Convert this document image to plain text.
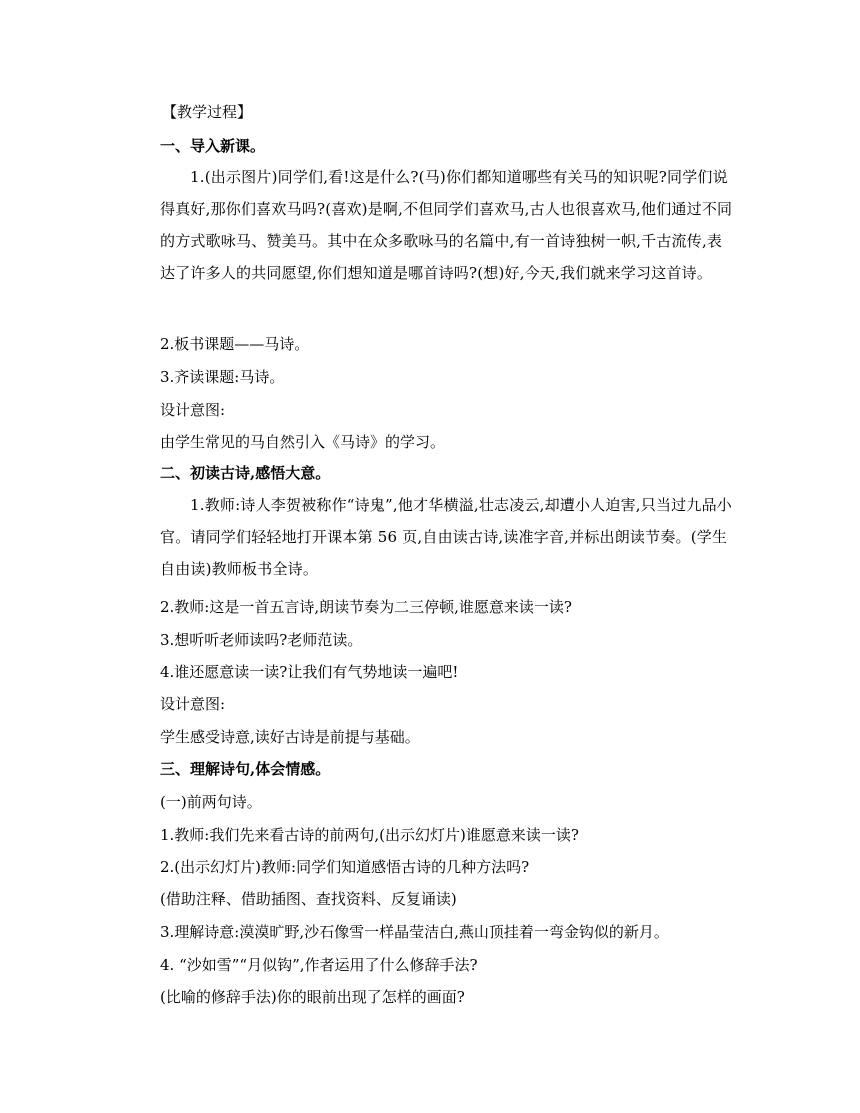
【教学过程】
一、导入新课。
1.(出示图片)同学们,看!这是什么?(马)你们都知道哪些有关马的知识呢?同学们说得真好,那你们喜欢马吗?(喜欢)是啊,不但同学们喜欢马,古人也很喜欢马,他们通过不同的方式歌咏马、赞美马。其中在众多歌咏马的名篇中,有一首诗独树一帜,千古流传,表达了许多人的共同愿望,你们想知道是哪首诗吗?(想)好,今天,我们就来学习这首诗。
2.板书课题——马诗。
3.齐读课题:马诗。
设计意图:
由学生常见的马自然引入《马诗》的学习。
二、初读古诗,感悟大意。
1.教师:诗人李贺被称作“诗鬼”,他才华横溢,壮志凌云,却遭小人迫害,只当过九品小官。请同学们轻轻地打开课本第 56 页,自由读古诗,读准字音,并标出朗读节奏。(学生自由读)教师板书全诗。
2.教师:这是一首五言诗,朗读节奏为二三停顿,谁愿意来读一读?
3.想听听老师读吗?老师范读。
4.谁还愿意读一读?让我们有气势地读一遍吧!
设计意图:
学生感受诗意,读好古诗是前提与基础。
三、理解诗句,体会情感。
(一)前两句诗。
1.教师:我们先来看古诗的前两句,(出示幻灯片)谁愿意来读一读?
2.(出示幻灯片)教师:同学们知道感悟古诗的几种方法吗?
(借助注释、借助插图、查找资料、反复诵读)
3.理解诗意:漠漠旷野,沙石像雪一样晶莹洁白,燕山顶挂着一弯金钩似的新月。
4. “沙如雪”“月似钩”,作者运用了什么修辞手法?
(比喻的修辞手法)你的眼前出现了怎样的画面?
